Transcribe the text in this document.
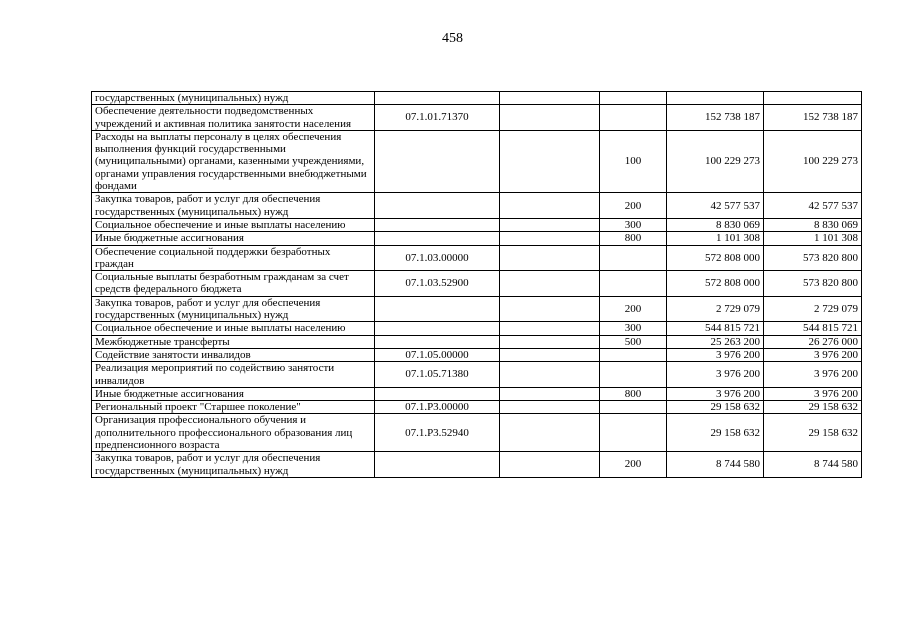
458
государственных (муниципальных) нужд					
Обеспечение деятельности подведомственных учреждений и активная политика занятости населения	07.1.01.71370			152 738 187	152 738 187
Расходы на выплаты персоналу в целях обеспечения выполнения функций государственными (муниципальными) органами, казенными учреждениями, органами управления государственными внебюджетными фондами			100	100 229 273	100 229 273
Закупка товаров, работ и услуг для обеспечения государственных (муниципальных) нужд			200	42 577 537	42 577 537
Социальное обеспечение и иные выплаты населению			300	8 830 069	8 830 069
Иные бюджетные ассигнования			800	1 101 308	1 101 308
Обеспечение социальной поддержки безработных граждан	07.1.03.00000			572 808 000	573 820 800
Социальные выплаты безработным гражданам за счет средств федерального бюджета	07.1.03.52900			572 808 000	573 820 800
Закупка товаров, работ и услуг для обеспечения государственных (муниципальных) нужд			200	2 729 079	2 729 079
Социальное обеспечение и иные выплаты населению			300	544 815 721	544 815 721
Межбюджетные трансферты			500	25 263 200	26 276 000
Содействие занятости инвалидов	07.1.05.00000			3 976 200	3 976 200
Реализация мероприятий по содействию занятости инвалидов	07.1.05.71380			3 976 200	3 976 200
Иные бюджетные ассигнования			800	3 976 200	3 976 200
Региональный проект "Старшее поколение"	07.1.P3.00000			29 158 632	29 158 632
Организация профессионального обучения и дополнительного профессионального образования лиц предпенсионного возраста	07.1.P3.52940			29 158 632	29 158 632
Закупка товаров, работ и услуг для обеспечения государственных (муниципальных) нужд			200	8 744 580	8 744 580
